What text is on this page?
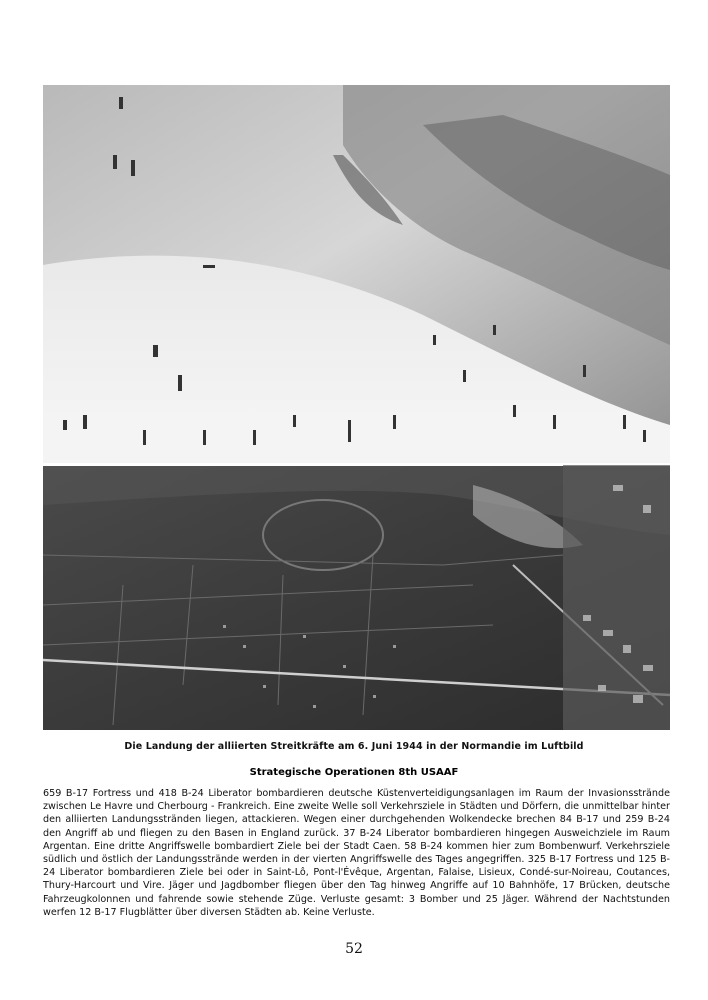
Die Landung der alliierten Streitkräfte am 6. Juni 1944 in der Normandie im Luftbild
Strategische Operationen 8th USAAF

659 B-17 Fortress und 418 B-24 Liberator bombardieren deutsche Küstenverteidigungsanlagen im Raum der Invasionsstrände zwischen Le Havre und Cherbourg - Frankreich. Eine zweite Welle soll Verkehrsziele in Städten und Dörfern, die unmittelbar hinter den alliierten Landungsstränden liegen, attackieren. Wegen einer durchgehenden Wolkendecke brechen 84 B-17 und 259 B-24 den Angriff ab und fliegen zu den Basen in England zurück. 37 B-24 Liberator bombardieren hingegen Ausweichziele im Raum Argentan. Eine dritte Angriffswelle bombardiert Ziele bei der Stadt Caen. 58 B-24 kommen hier zum Bombenwurf. Verkehrsziele südlich und östlich der Landungsstrände werden in der vierten Angriffswelle des Tages angegriffen. 325 B-17 Fortress und 125 B-24 Liberator bombardieren Ziele bei oder in Saint-Lô, Pont-l'Évêque, Argentan, Falaise, Lisieux, Condé-sur-Noireau, Coutances, Thury-Harcourt und Vire. Jäger und Jagdbomber fliegen über den Tag hinweg Angriffe auf 10 Bahnhöfe, 17 Brücken, deutsche Fahrzeugkolonnen und fahrende sowie stehende Züge. Verluste gesamt: 3 Bomber und 25 Jäger. Während der Nachtstunden werfen 12 B-17 Flugblätter über diversen Städten ab. Keine Verluste.

52
